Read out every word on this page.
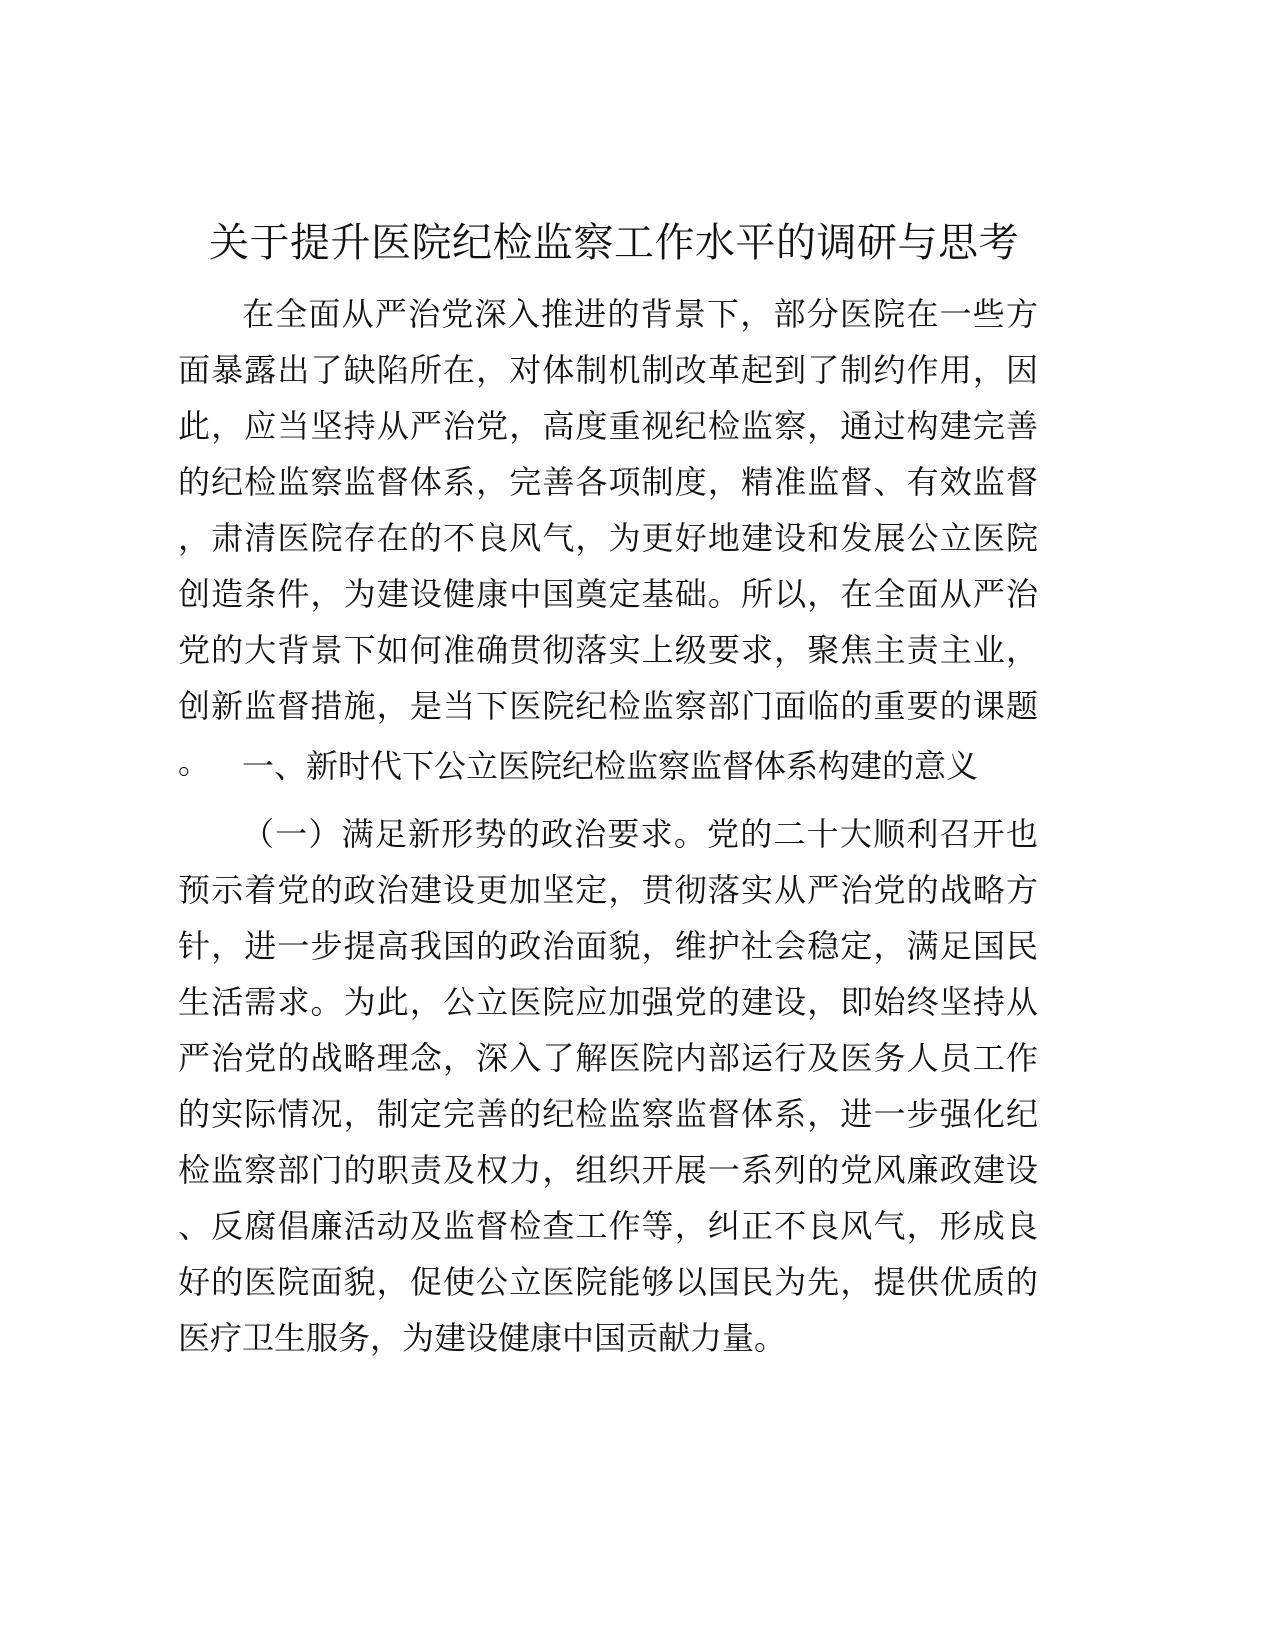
关于提升医院纪检监察工作水平的调研与思考

在全面从严治党深入推进的背景下，部分医院在一些方面暴露出了缺陷所在，对体制机制改革起到了制约作用，因此，应当坚持从严治党，高度重视纪检监察，通过构建完善的纪检监察监督体系，完善各项制度，精准监督、有效监督，肃清医院存在的不良风气，为更好地建设和发展公立医院创造条件，为建设健康中国奠定基础。所以，在全面从严治党的大背景下如何准确贯彻落实上级要求，聚焦主责主业，创新监督措施，是当下医院纪检监察部门面临的重要的课题。 一、新时代下公立医院纪检监察监督体系构建的意义

（一）满足新形势的政治要求。党的二十大顺利召开也预示着党的政治建设更加坚定，贯彻落实从严治党的战略方针，进一步提高我国的政治面貌，维护社会稳定，满足国民生活需求。为此，公立医院应加强党的建设，即始终坚持从严治党的战略理念，深入了解医院内部运行及医务人员工作的实际情况，制定完善的纪检监察监督体系，进一步强化纪检监察部门的职责及权力，组织开展一系列的党风廉政建设、反腐倡廉活动及监督检查工作等，纠正不良风气，形成良好的医院面貌，促使公立医院能够以国民为先，提供优质的医疗卫生服务，为建设健康中国贡献力量。
